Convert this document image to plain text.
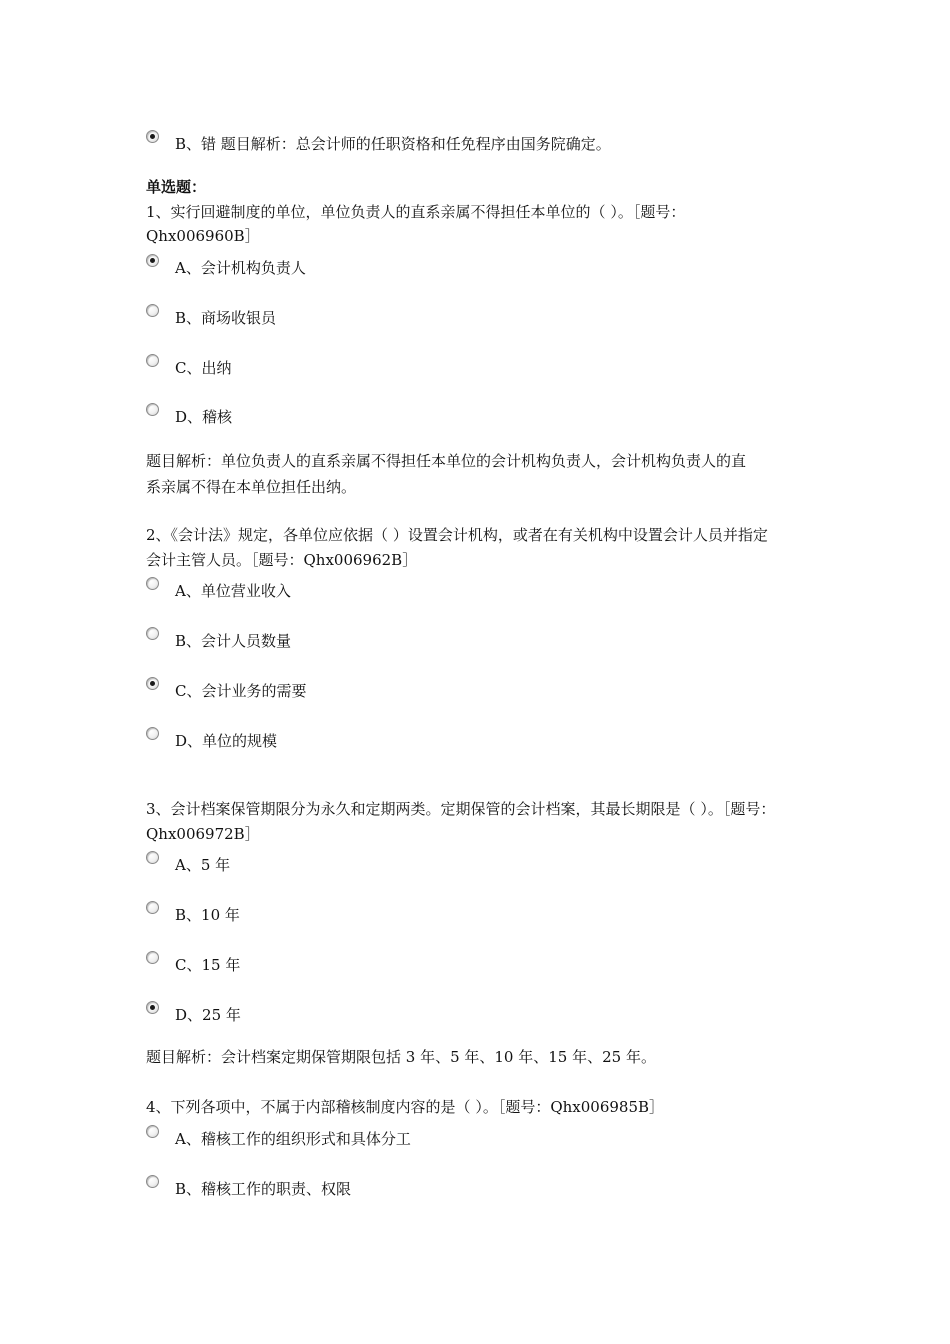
B、错 题目解析：总会计师的任职资格和任免程序由国务院确定。
单选题：
1、实行回避制度的单位，单位负责人的直系亲属不得担任本单位的（ ）。［题号：
Qhx006960B］
A、会计机构负责人
B、商场收银员
C、出纳
D、稽核
题目解析：单位负责人的直系亲属不得担任本单位的会计机构负责人，会计机构负责人的直
系亲属不得在本单位担任出纳。
2、《会计法》规定，各单位应依据（ ）设置会计机构，或者在有关机构中设置会计人员并指定
会计主管人员。［题号：Qhx006962B］
A、单位营业收入
B、会计人员数量
C、会计业务的需要
D、单位的规模
3、会计档案保管期限分为永久和定期两类。定期保管的会计档案，其最长期限是（ ）。［题号：
Qhx006972B］
A、5 年
B、10 年
C、15 年
D、25 年
题目解析：会计档案定期保管期限包括 3 年、5 年、10 年、15 年、25 年。
4、下列各项中，不属于内部稽核制度内容的是（ ）。［题号：Qhx006985B］
A、稽核工作的组织形式和具体分工
B、稽核工作的职责、权限
